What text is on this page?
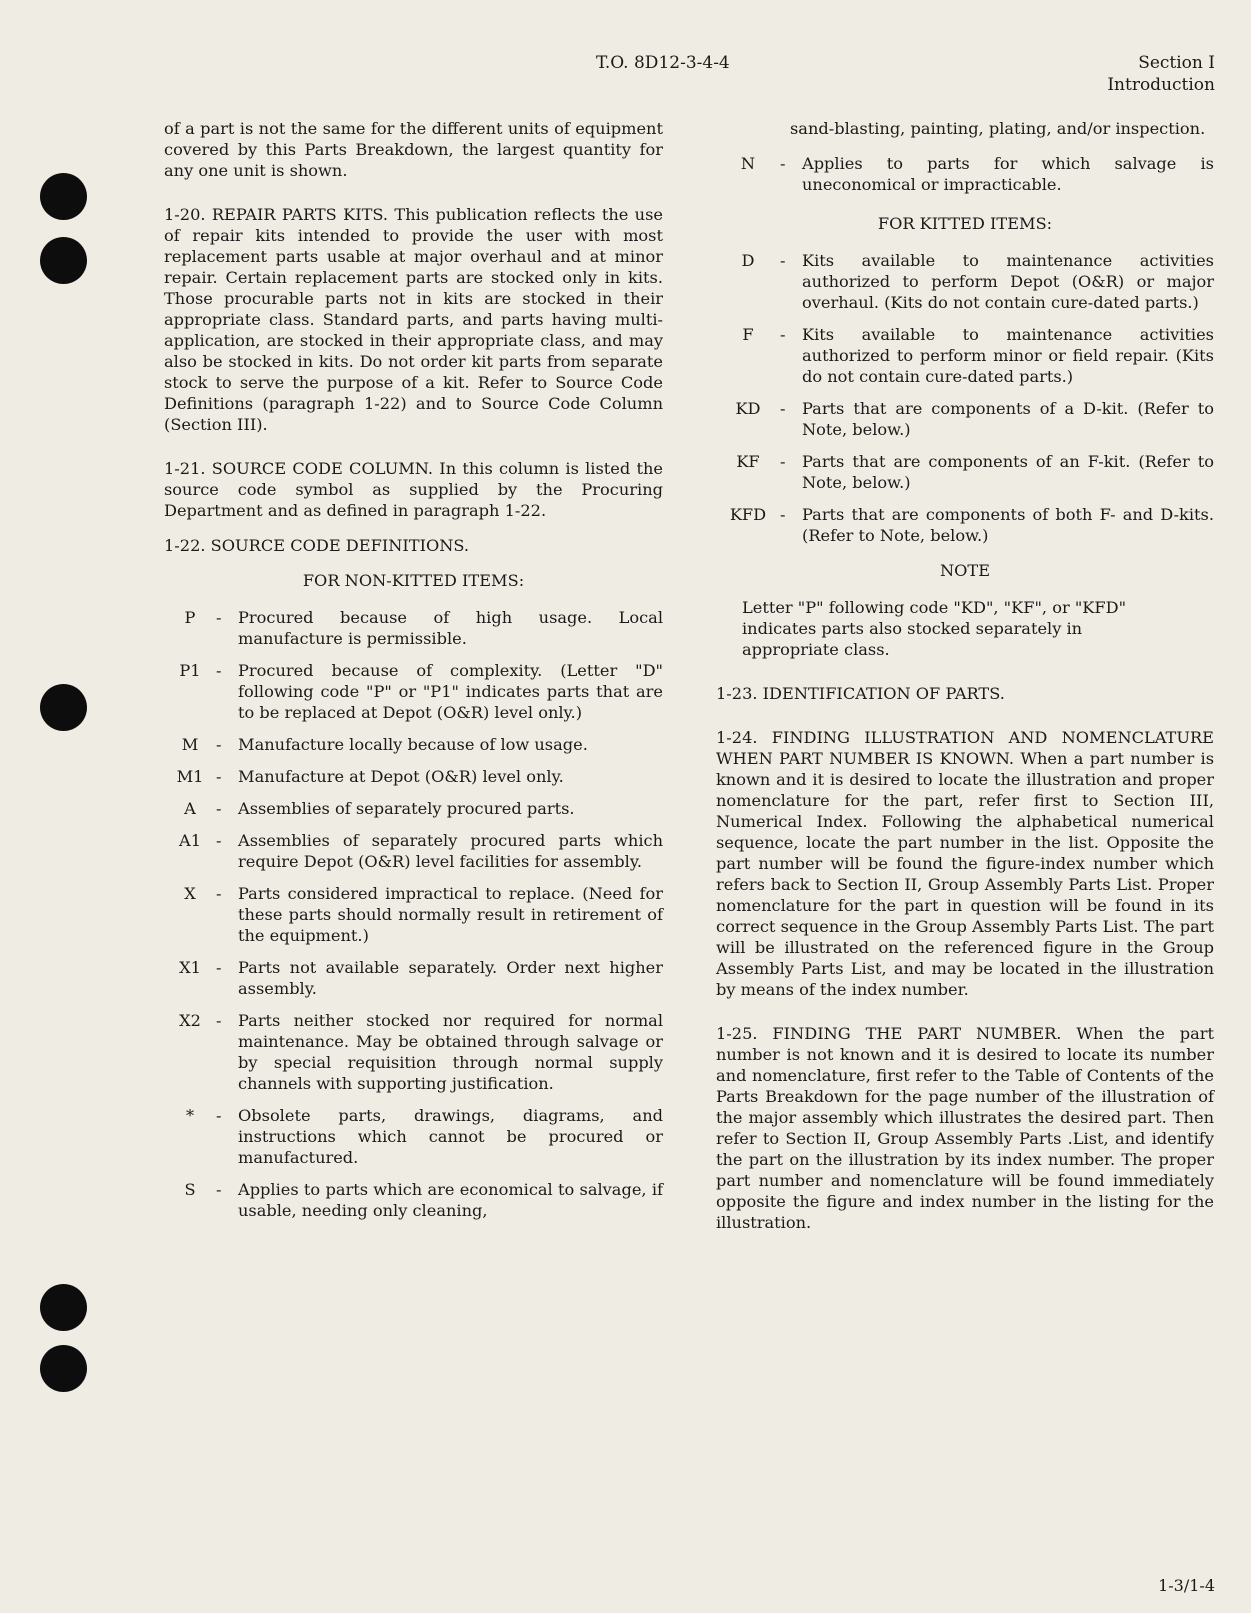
T.O. 8D12-3-4-4	Section I
Introduction

of a part is not the same for the different units of equipment covered by this Parts Breakdown, the largest quantity for any one unit is shown.

1-20. REPAIR PARTS KITS. This publication reflects the use of repair kits intended to provide the user with most replacement parts usable at major overhaul and at minor repair. Certain replacement parts are stocked only in kits. Those procurable parts not in kits are stocked in their appropriate class. Standard parts, and parts having multi-application, are stocked in their appropriate class, and may also be stocked in kits. Do not order kit parts from separate stock to serve the purpose of a kit. Refer to Source Code Definitions (paragraph 1-22) and to Source Code Column (Section III).

1-21. SOURCE CODE COLUMN. In this column is listed the source code symbol as supplied by the Procuring Department and as defined in paragraph 1-22.

1-22. SOURCE CODE DEFINITIONS.

FOR NON-KITTED ITEMS:

P	-	Procured because of high usage. Local manufacture is permissible.
P1 -	Procured because of complexity. (Letter "D" following code "P" or "P1" indicates parts that are to be replaced at Depot (O&R) level only.)
M	-	Manufacture locally because of low usage.
M1 -	Manufacture at Depot (O&R) level only.
A	-	Assemblies of separately procured parts.
A1 -	Assemblies of separately procured parts which require Depot (O&R) level facilities for assembly.
X	-	Parts considered impractical to replace. (Need for these parts should normally result in retirement of the equipment.)
X1 -	Parts not available separately. Order next higher assembly.
X2 -	Parts neither stocked nor required for normal maintenance. May be obtained through salvage or by special requisition through normal supply channels with supporting justification.
*	-	Obsolete parts, drawings, diagrams, and instructions which cannot be procured or manufactured.
S	-	Applies to parts which are economical to salvage, if usable, needing only cleaning,

sand-blasting, painting, plating, and/or inspection.

N	-	Applies to parts for which salvage is uneconomical or impracticable.

FOR KITTED ITEMS:

D	-	Kits available to maintenance activities authorized to perform Depot (O&R) or major overhaul. (Kits do not contain cure-dated parts.)
F	-	Kits available to maintenance activities authorized to perform minor or field repair. (Kits do not contain cure-dated parts.)
KD	-	Parts that are components of a D-kit. (Refer to Note, below.)
KF	-	Parts that are components of an F-kit. (Refer to Note, below.)
KFD -	Parts that are components of both F- and D-kits. (Refer to Note, below.)

NOTE

Letter "P" following code "KD", "KF", or "KFD" indicates parts also stocked separately in appropriate class.

1-23. IDENTIFICATION OF PARTS.

1-24. FINDING ILLUSTRATION AND NOMENCLATURE WHEN PART NUMBER IS KNOWN. When a part number is known and it is desired to locate the illustration and proper nomenclature for the part, refer first to Section III, Numerical Index. Following the alphabetical numerical sequence, locate the part number in the list. Opposite the part number will be found the figure-index number which refers back to Section II, Group Assembly Parts List. Proper nomenclature for the part in question will be found in its correct sequence in the Group Assembly Parts List. The part will be illustrated on the referenced figure in the Group Assembly Parts List, and may be located in the illustration by means of the index number.

1-25. FINDING THE PART NUMBER. When the part number is not known and it is desired to locate its number and nomenclature, first refer to the Table of Contents of the Parts Breakdown for the page number of the illustration of the major assembly which illustrates the desired part. Then refer to Section II, Group Assembly Parts .List, and identify the part on the illustration by its index number. The proper part number and nomenclature will be found immediately opposite the figure and index number in the listing for the illustration.

1-3/1-4
